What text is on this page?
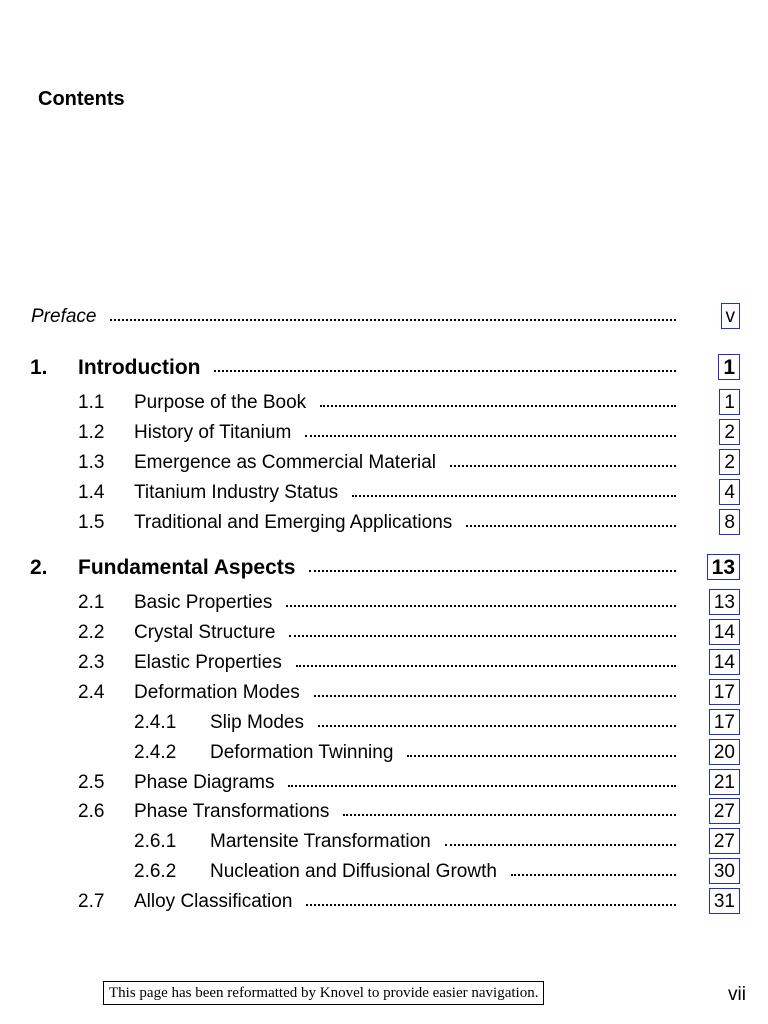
Contents
Preface	v
1. Introduction	1
1.1 Purpose of the Book	1
1.2 History of Titanium	2
1.3 Emergence as Commercial Material	2
1.4 Titanium Industry Status	4
1.5 Traditional and Emerging Applications	8
2. Fundamental Aspects	13
2.1 Basic Properties	13
2.2 Crystal Structure	14
2.3 Elastic Properties	14
2.4 Deformation Modes	17
2.4.1 Slip Modes	17
2.4.2 Deformation Twinning	20
2.5 Phase Diagrams	21
2.6 Phase Transformations	27
2.6.1 Martensite Transformation	27
2.6.2 Nucleation and Diffusional Growth	30
2.7 Alloy Classification	31
This page has been reformatted by Knovel to provide easier navigation.	vii
